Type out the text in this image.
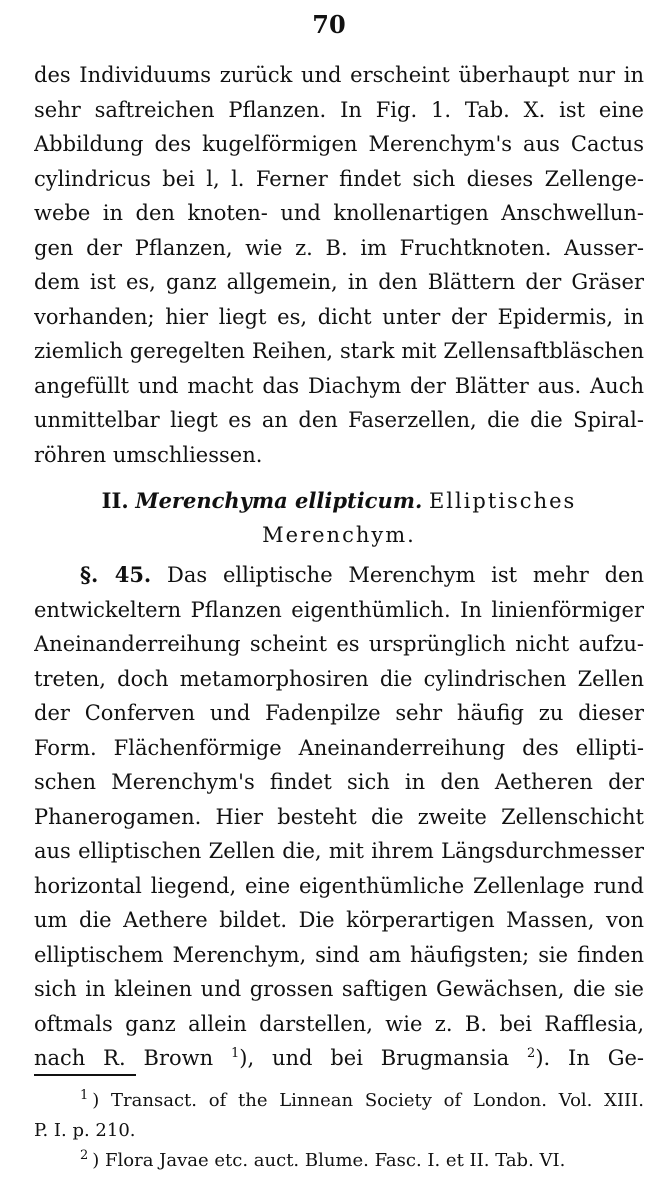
70
des Individuums zurück und erscheint überhaupt nur in
sehr saftreichen Pflanzen. In Fig. 1. Tab. X. ist eine
Abbildung des kugelförmigen Merenchym's aus Cactus
cylindricus bei l, l. Ferner findet sich dieses Zellenge-
webe in den knoten- und knollenartigen Anschwellun-
gen der Pflanzen, wie z. B. im Fruchtknoten. Ausser-
dem ist es, ganz allgemein, in den Blättern der Gräser
vorhanden; hier liegt es, dicht unter der Epidermis, in
ziemlich geregelten Reihen, stark mit Zellensaftbläschen
angefüllt und macht das Diachym der Blätter aus. Auch
unmittelbar liegt es an den Faserzellen, die die Spiral-
röhren umschliessen.
II. Merenchyma ellipticum. Elliptisches
Merenchym.
§. 45. Das elliptische Merenchym ist mehr den
entwickeltern Pflanzen eigenthümlich. In linienförmiger
Aneinanderreihung scheint es ursprünglich nicht aufzu-
treten, doch metamorphosiren die cylindrischen Zellen
der Conferven und Fadenpilze sehr häufig zu dieser
Form. Flächenförmige Aneinanderreihung des ellipti-
schen Merenchym's findet sich in den Aetheren der
Phanerogamen. Hier besteht die zweite Zellenschicht
aus elliptischen Zellen die, mit ihrem Längsdurchmesser
horizontal liegend, eine eigenthümliche Zellenlage rund
um die Aethere bildet. Die körperartigen Massen, von
elliptischem Merenchym, sind am häufigsten; sie finden
sich in kleinen und grossen saftigen Gewächsen, die sie
oftmals ganz allein darstellen, wie z. B. bei Rafflesia,
nach R. Brown $^1$), und bei Brugmansia $^2$). In Ge-
$^1$ ) Transact. of the Linnean Society of London. Vol. XIII.
P. I. p. 210.
$^2$ ) Flora Javae etc. auct. Blume. Fasc. I. et II. Tab. VI.
